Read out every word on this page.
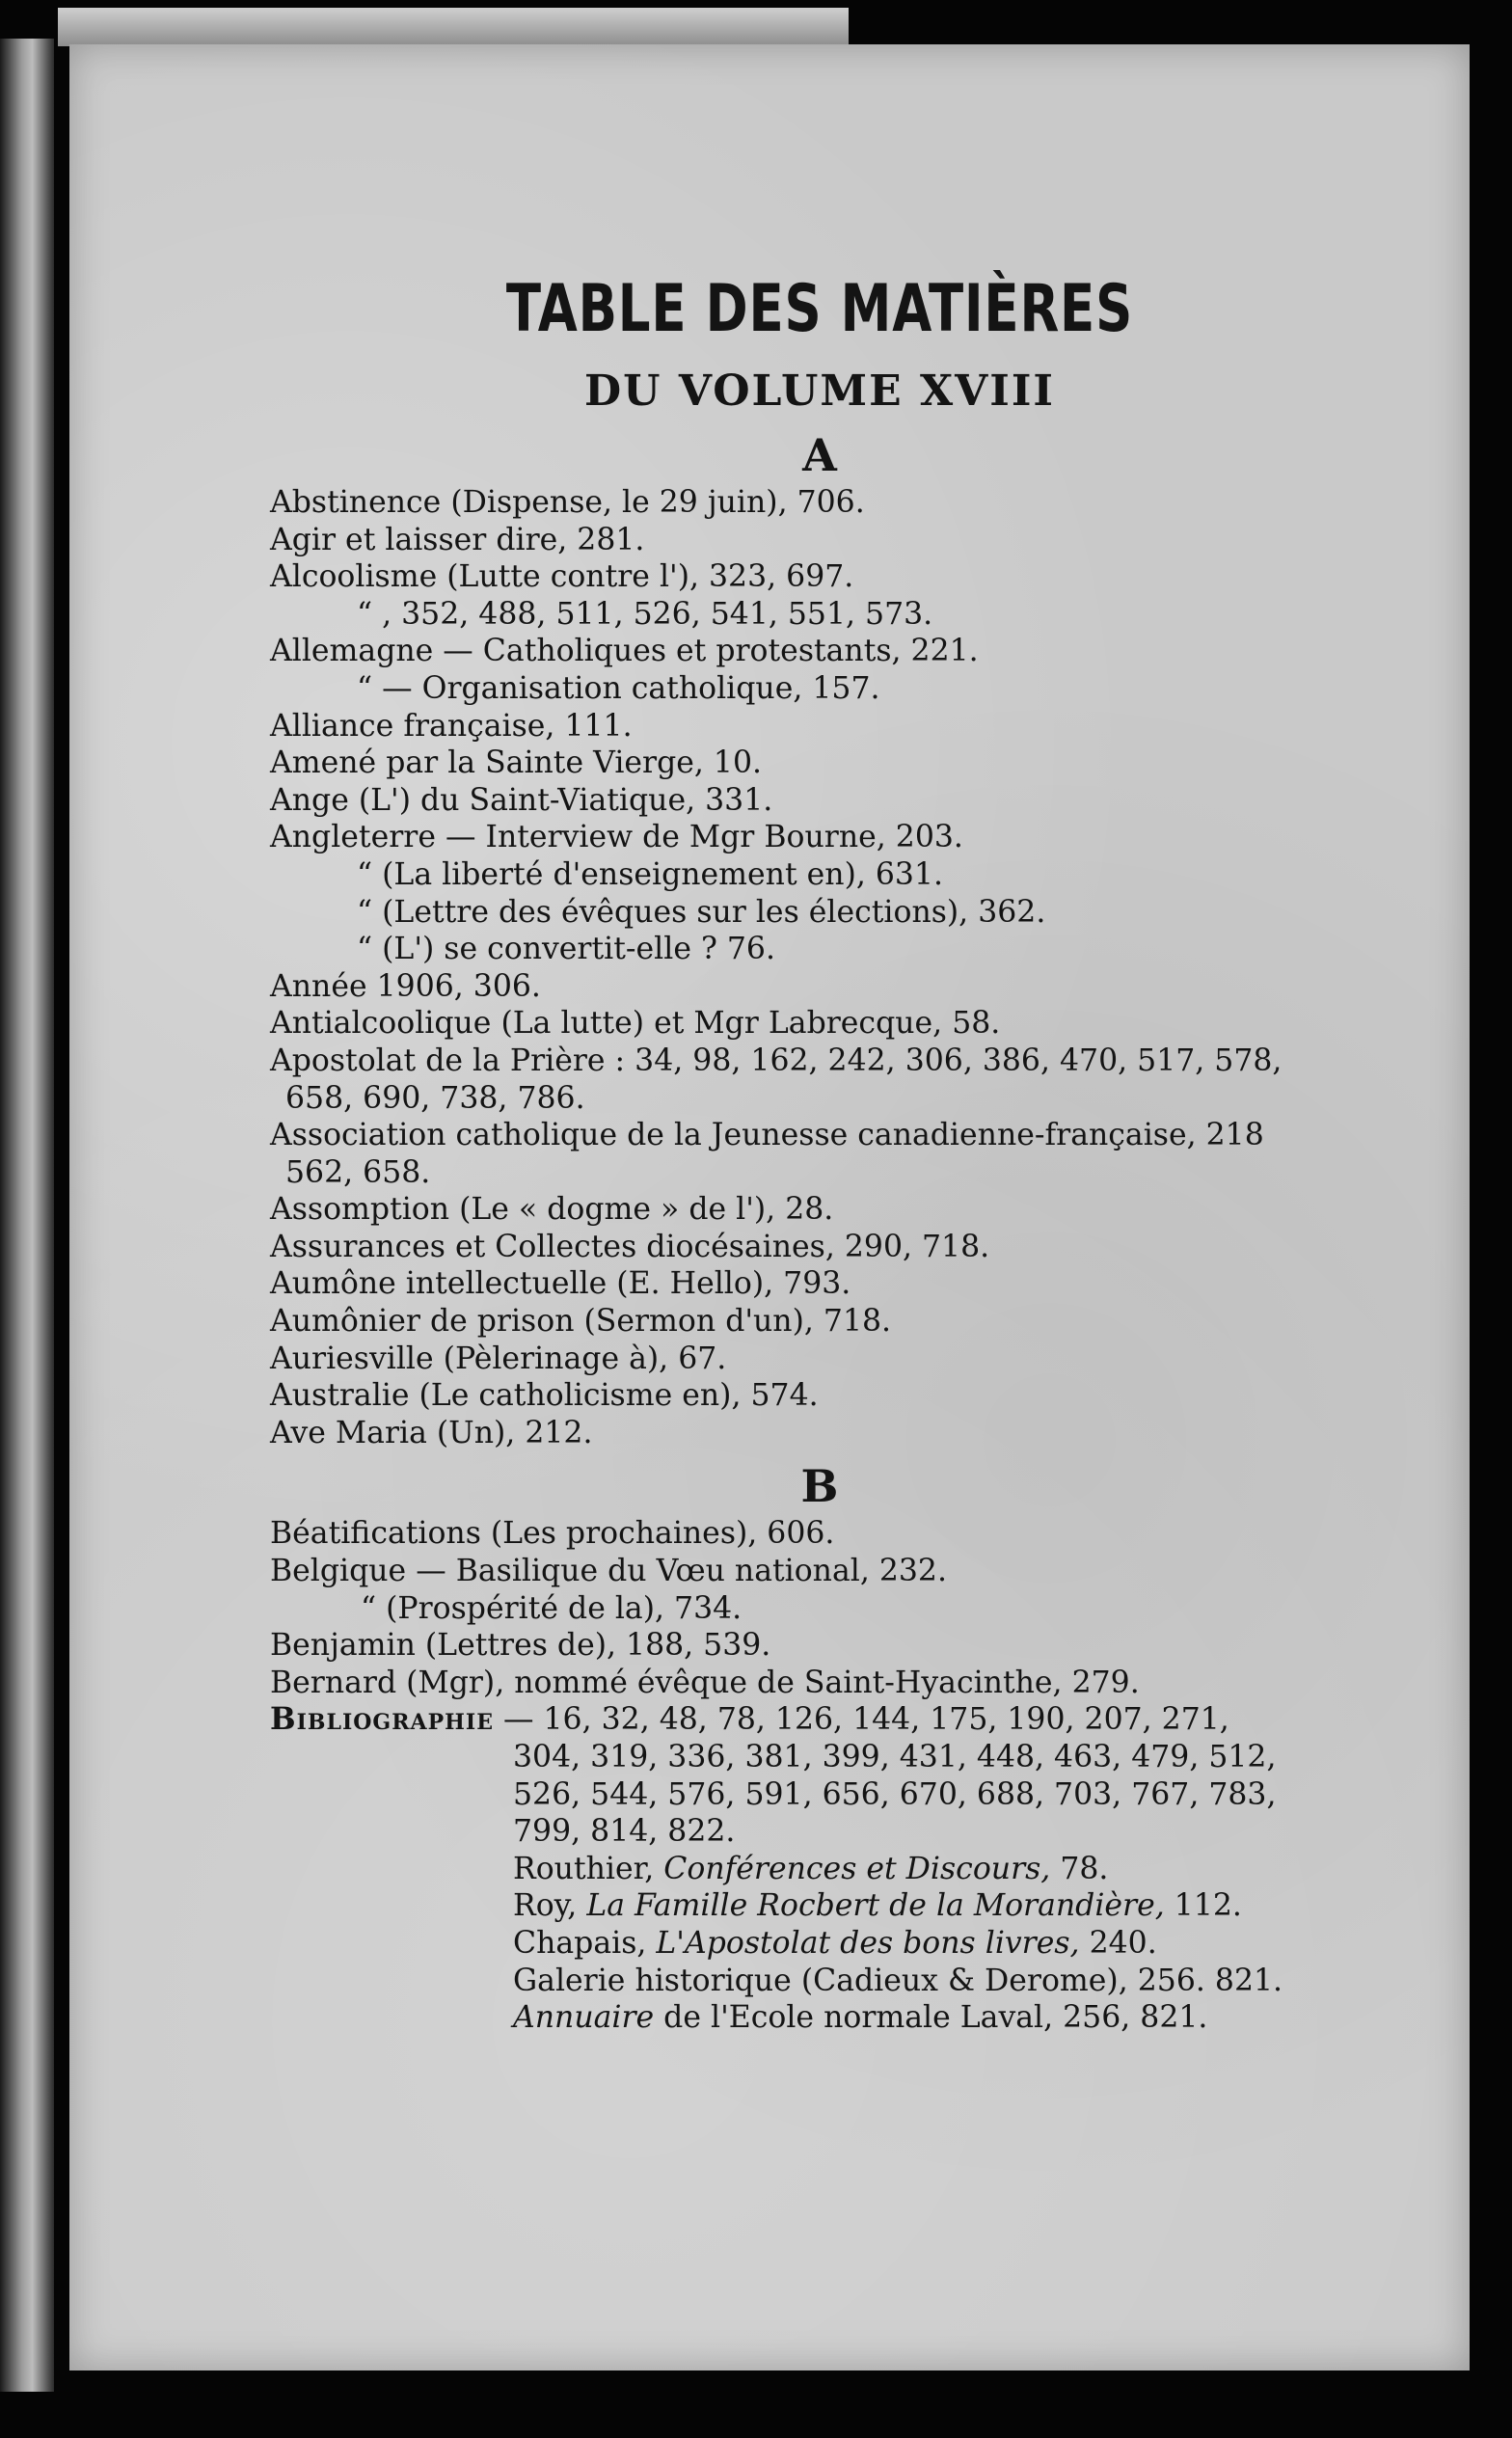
TABLE DES MATIÈRES
DU VOLUME XVIII
A

Abstinence (Dispense, le 29 juin), 706.

Agir et laisser dire, 281.

Alcoolisme (Lutte contre l'), 323, 697.

“ , 352, 488, 511, 526, 541, 551, 573.

Allemagne — Catholiques et protestants, 221.

“ — Organisation catholique, 157.

Alliance française, 111.

Amené par la Sainte Vierge, 10.

Ange (L') du Saint-Viatique, 331.

Angleterre — Interview de Mgr Bourne, 203.

“ (La liberté d'enseignement en), 631.

“ (Lettre des évêques sur les élections), 362.

“ (L') se convertit-elle ? 76.

Année 1906, 306.

Antialcoolique (La lutte) et Mgr Labrecque, 58.

Apostolat de la Prière : 34, 98, 162, 242, 306, 386, 470, 517, 578,

658, 690, 738, 786.

Association catholique de la Jeunesse canadienne-française, 218

562, 658.

Assomption (Le « dogme » de l'), 28.

Assurances et Collectes diocésaines, 290, 718.

Aumône intellectuelle (E. Hello), 793.

Aumônier de prison (Sermon d'un), 718.

Auriesville (Pèlerinage à), 67.

Australie (Le catholicisme en), 574.

Ave Maria (Un), 212.

B

Béatifications (Les prochaines), 606.

Belgique — Basilique du Vœu national, 232.

“ (Prospérité de la), 734.

Benjamin (Lettres de), 188, 539.

Bernard (Mgr), nommé évêque de Saint-Hyacinthe, 279.

Bibliographie — 16, 32, 48, 78, 126, 144, 175, 190, 207, 271,

304, 319, 336, 381, 399, 431, 448, 463, 479, 512,

526, 544, 576, 591, 656, 670, 688, 703, 767, 783,

799, 814, 822.

Routhier, Conférences et Discours, 78.

Roy, La Famille Rocbert de la Morandière, 112.

Chapais, L'Apostolat des bons livres, 240.

Galerie historique (Cadieux & Derome), 256. 821.

Annuaire de l'Ecole normale Laval, 256, 821.
